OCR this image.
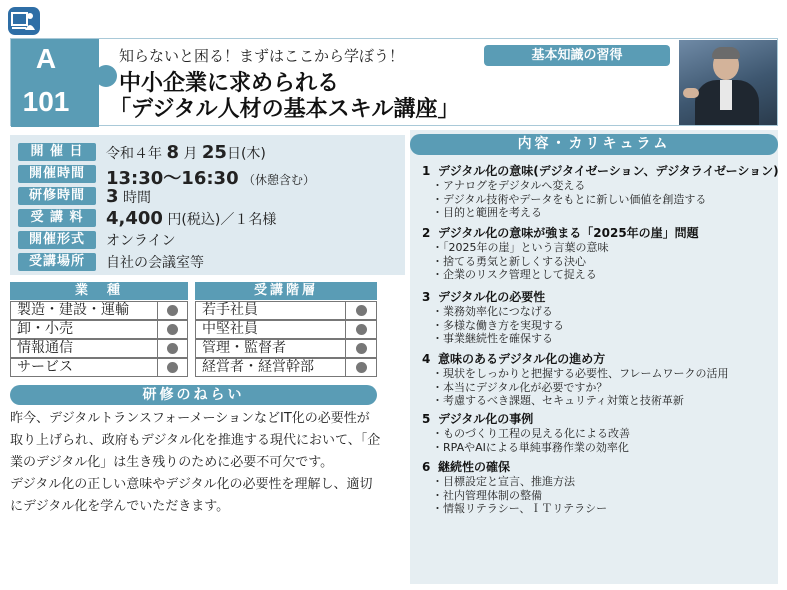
A
101
知らないと困る！まずはここから学ぼう！
中小企業に求められる
「デジタル人材の基本スキル講座」
基本知識の習得
開 催 日	令和４年 8 月 25日(木)
開催時間	13:30～16:30 （休憩含む）
研修時間	3 時間
受 講 料	4,400 円(税込)／１名様
開催形式	オンライン
受講場所	自社の会議室等
業　種	受講階層
製造・建設・運輸	若手社員
卸・小売	中堅社員
情報通信	管理・監督者
サービス	経営者・経営幹部
研修のねらい
昨今、デジタルトランスフォーメーションなどIT化の必要性が取り上げられ、政府もデジタル化を推進する現代において、「企業のデジタル化」は生き残りのために必要不可欠です。
デジタル化の正しい意味やデジタル化の必要性を理解し、適切にデジタル化を学んでいただきます。
内容・カリキュラム
1 デジタル化の意味(デジタイゼーション、デジタライゼーション)
・ アナログをデジタルへ変える
・ デジタル技術やデータをもとに新しい価値を創造する
・ 目的と範囲を考える
2 デジタル化の意味が強まる「2025年の崖」問題
・ 「2025年の崖」という言葉の意味
・ 捨てる勇気と新しくする決心
・ 企業のリスク管理として捉える
3 デジタル化の必要性
・ 業務効率化につなげる
・ 多様な働き方を実現する
・ 事業継続性を確保する
4 意味のあるデジタル化の進め方
・ 現状をしっかりと把握する必要性、フレームワークの活用
・ 本当にデジタル化が必要ですか？
・ 考慮するべき課題、セキュリティ対策と技術革新
5 デジタル化の事例
・ ものづくり工程の見える化による改善
・ RPAやAIによる単純事務作業の効率化
6 継続性の確保
・ 目標設定と宣言、推進方法
・ 社内管理体制の整備
・ 情報リテラシー、ＩＴリテラシー
